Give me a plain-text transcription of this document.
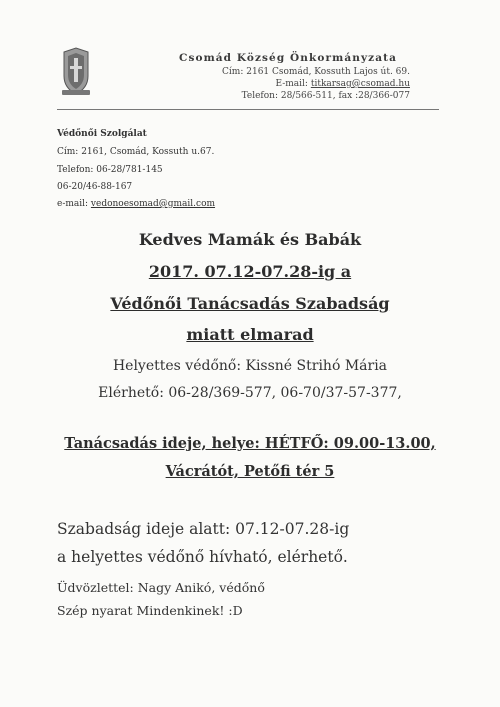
Csomád Község Önkormányzata
Cím: 2161 Csomád, Kossuth Lajos út. 69.
E-mail: titkarsag@csomad.hu
Telefon: 28/566-511, fax :28/366-077
Védőnői Szolgálat
Cím: 2161, Csomád, Kossuth u.67.
Telefon: 06-28/781-145
06-20/46-88-167
e-mail: vedonoesomad@gmail.com
Kedves Mamák és Babák
2017. 07.12-07.28-ig a
Védőnői Tanácsadás Szabadság
miatt elmarad
Helyettes védőnő: Kissné Strihó Mária
Elérhető: 06-28/369-577, 06-70/37-57-377,
Tanácsadás ideje, helye: HÉTFŐ: 09.00-13.00,
Vácrátót, Petőfi tér 5
Szabadság ideje alatt: 07.12-07.28-ig
a helyettes védőnő hívható, elérhető.
Üdvözlettel: Nagy Anikó, védőnő
Szép nyarat Mindenkinek! :D
